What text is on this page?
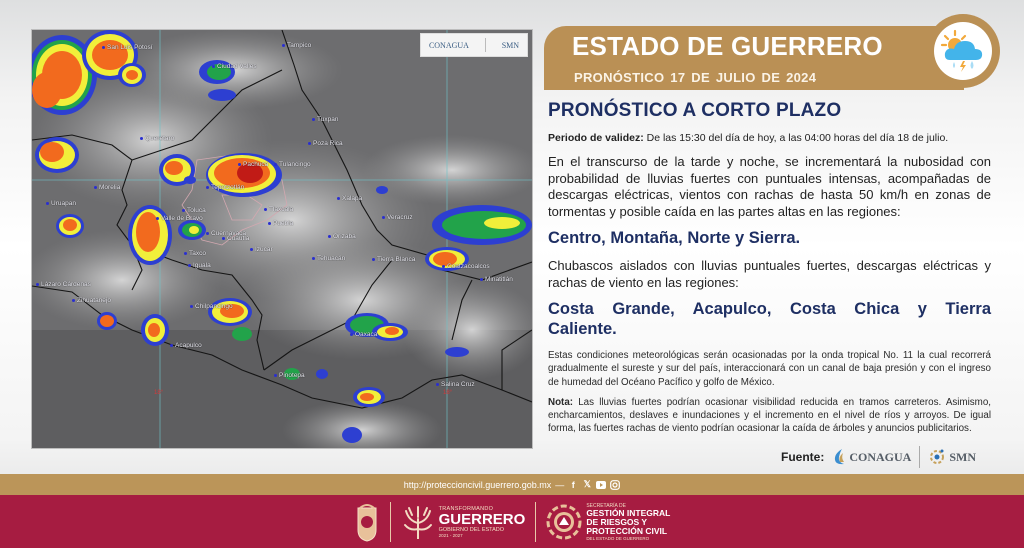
CONAGUA	SMN
San Luis Potosí	Tampico
Ciudad Valles
Tuxpan
Querétaro
Poza Rica
Pachuca	Tulancingo
Morelia	Tepotzotlán
Xalapa
Uruapan
Toluca	Tlaxcala
Valle de Bravo
Puebla
Veracruz
Cuernavaca	Orizaba
Cuautla
Taxco
Izúcar
Tehuacán	Tierra Blanca
Iguala	Coatzacoalcos
Minatitlán
Lázaro Cárdenas
Zihuatanejo
Chilpancingo
Oaxaca
Acapulco
Pinotepa
Salina Cruz
18°	18°
ESTADO DE GUERRERO
PRONÓSTICO 17 DE JULIO DE 2024
PRONÓSTICO A CORTO PLAZO
Periodo de validez: De las 15:30 del día de hoy, a las 04:00 horas del día 18 de julio.
En el transcurso de la tarde y noche, se incrementará la nubosidad con probabilidad de lluvias fuertes con puntuales intensas, acompañadas de descargas eléctricas, vientos con rachas de hasta 50 km/h en zonas de tormentas y posible caída en las partes altas en las regiones:
Centro, Montaña, Norte y Sierra.
Chubascos aislados con lluvias puntuales fuertes, descargas eléctricas y rachas de viento en las regiones:
Costa Grande, Acapulco, Costa Chica y Tierra Caliente.
Estas condiciones meteorológicas serán ocasionadas por la onda tropical No. 11 la cual recorrerá gradualmente el sureste y sur del país, interaccionará con un canal de baja presión y con el ingreso de humedad del Océano Pacífico y golfo de México.
Nota: Las lluvias fuertes podrían ocasionar visibilidad reducida en tramos carreteros. Asimismo, encharcamientos, deslaves e inundaciones y el incremento en el nivel de ríos y arroyos. De igual forma, las fuertes rachas de viento podrían ocasionar la caída de árboles y anuncios publicitarios.
Fuente: CONAGUA	SMN
http://proteccioncivil.guerrero.gob.mx — f 𝕏
TRANSFORMANDO
GUERRERO
GOBIERNO DEL ESTADO
2021 - 2027
SECRETARÍA DE
GESTIÓN INTEGRAL
DE RIESGOS Y
PROTECCIÓN CIVIL
DEL ESTADO DE GUERRERO
